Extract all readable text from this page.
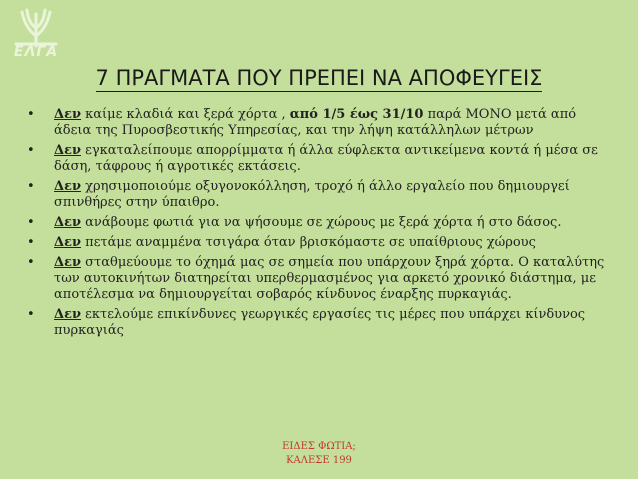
ΕΛΓΑ
7 ΠΡΑΓΜΑΤΑ ΠΟΥ ΠΡΕΠΕΙ ΝΑ ΑΠΟΦΕΥΓΕΙΣ
• Δεν καίμε κλαδιά και ξερά χόρτα , από 1/5 έως 31/10 παρά ΜΟΝΟ μετά από άδεια της Πυροσβεστικής Υπηρεσίας, και την λήψη κατάλληλων μέτρων
• Δεν εγκαταλείπουμε απορρίμματα ή άλλα εύφλεκτα αντικείμενα κοντά ή μέσα σε δάση, τάφρους ή αγροτικές εκτάσεις.
• Δεν χρησιμοποιούμε οξυγονοκόλληση, τροχό ή άλλο εργαλείο που δημιουργεί σπινθήρες στην ύπαιθρο.
• Δεν ανάβουμε φωτιά για να ψήσουμε σε χώρους με ξερά χόρτα ή στο δάσος.
• Δεν πετάμε αναμμένα τσιγάρα όταν βρισκόμαστε σε υπαίθριους χώρους
• Δεν σταθμεύουμε το όχημά μας σε σημεία που υπάρχουν ξηρά χόρτα. Ο καταλύτης των αυτοκινήτων διατηρείται υπερθερμασμένος για αρκετό χρονικό διάστημα, με αποτέλεσμα να δημιουργείται σοβαρός κίνδυνος έναρξης πυρκαγιάς.
• Δεν εκτελούμε επικίνδυνες γεωργικές εργασίες τις μέρες που υπάρχει κίνδυνος πυρκαγιάς
ΕΙΔΕΣ ΦΩΤΙΑ;
ΚΑΛΕΣΕ 199
